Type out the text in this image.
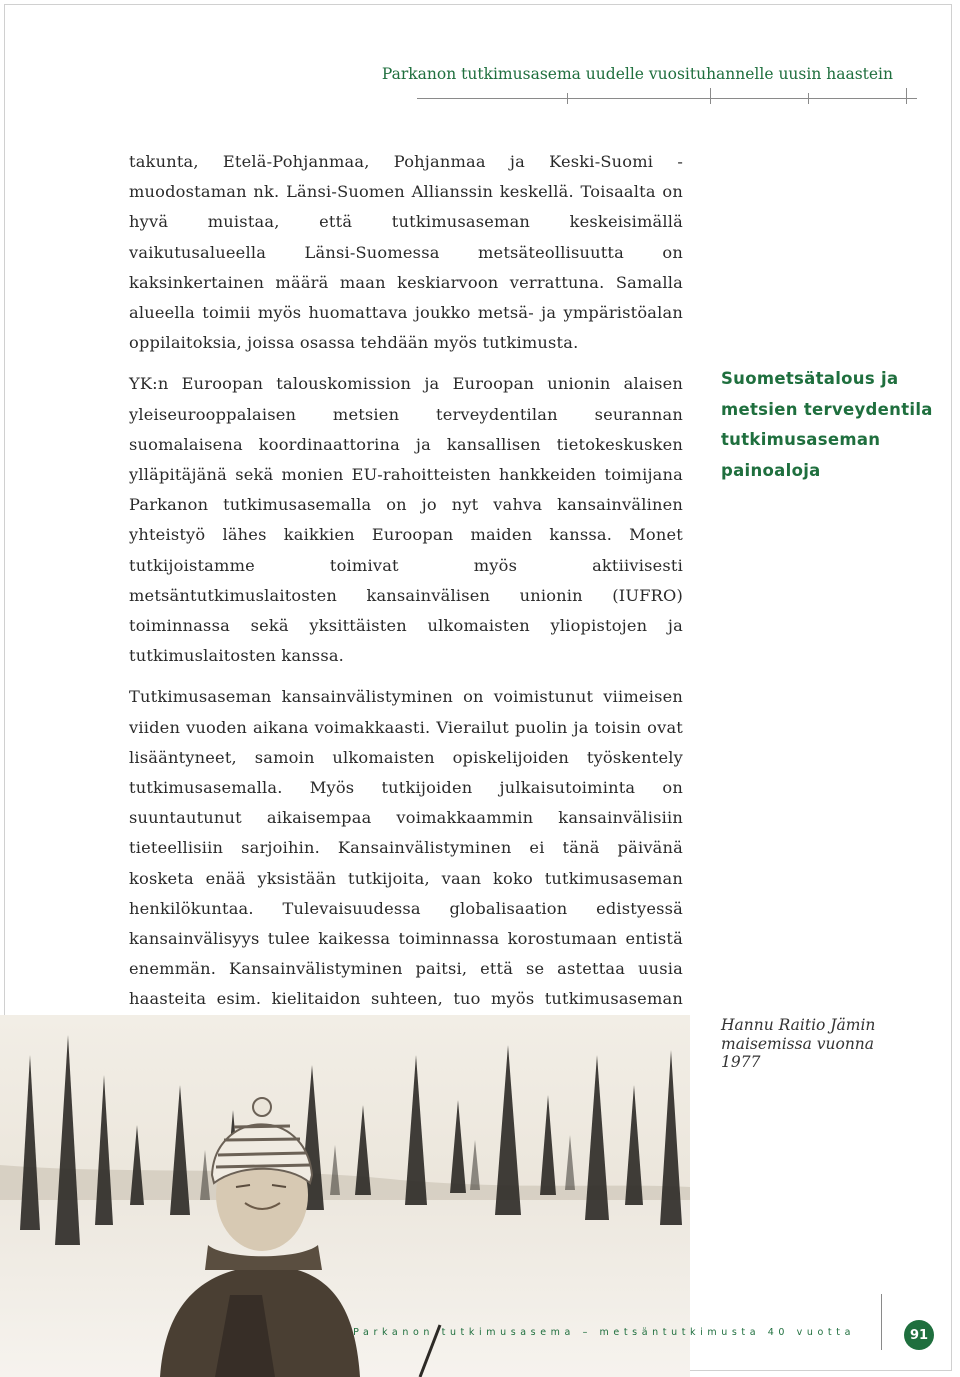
Parkanon tutkimusasema uudelle vuosituhannelle uusin haastein

takunta, Etelä-Pohjanmaa, Pohjanmaa ja Keski-Suomi - muodostaman nk. Länsi-Suomen Allianssin keskellä. Toisaalta on hyvä muistaa, että tutkimusaseman keskeisimällä vaikutusalueella Länsi-Suomessa metsäteollisuutta on kaksinkertainen määrä maan keskiarvoon verrattuna. Samalla alueella toimii myös huomattava joukko metsä- ja ympäristöalan oppilaitoksia, joissa osassa tehdään myös tutkimusta.

YK:n Euroopan talouskomission ja Euroopan unionin alaisen yleiseurooppalaisen metsien terveydentilan seurannan suomalaisena koordinaattorina ja kansallisen tietokeskusken ylläpitäjänä sekä monien EU-rahoitteisten hankkeiden toimijana Parkanon tutkimusasemalla on jo nyt vahva kansainvälinen yhteistyö lähes kaikkien Euroopan maiden kanssa. Monet tutkijoistamme toimivat myös aktiivisesti metsäntutkimuslaitosten kansainvälisen unionin (IUFRO) toiminnassa sekä yksittäisten ulkomaisten yliopistojen ja tutkimuslaitosten kanssa.

Tutkimusaseman kansainvälistyminen on voimistunut viimeisen viiden vuoden aikana voimakkaasti. Vierailut puolin ja toisin ovat lisääntyneet, samoin ulkomaisten opiskelijoiden työskentely tutkimusasemalla. Myös tutkijoiden julkaisutoiminta on suuntautunut aikaisempaa voimakkaammin kansainvälisiin tieteellisiin sarjoihin. Kansainvälistyminen ei tänä päivänä kosketa enää yksistään tutkijoita, vaan koko tutkimusaseman henkilökuntaa. Tulevaisuudessa globalisaation edistyessä kansainvälisyys tulee kaikessa toiminnassa korostumaan entistä enemmän. Kansainvälistyminen paitsi, että se astettaa uusia haasteita esim. kielitaidon suhteen, tuo myös tutkimusaseman

Suometsätalous ja
metsien terveydentila
tutkimusaseman
painoaloja
Hannu Raitio Jämin
maisemissa vuonna
1977
Parkanon tutkimusasema – metsäntutkimusta 40 vuotta	91
